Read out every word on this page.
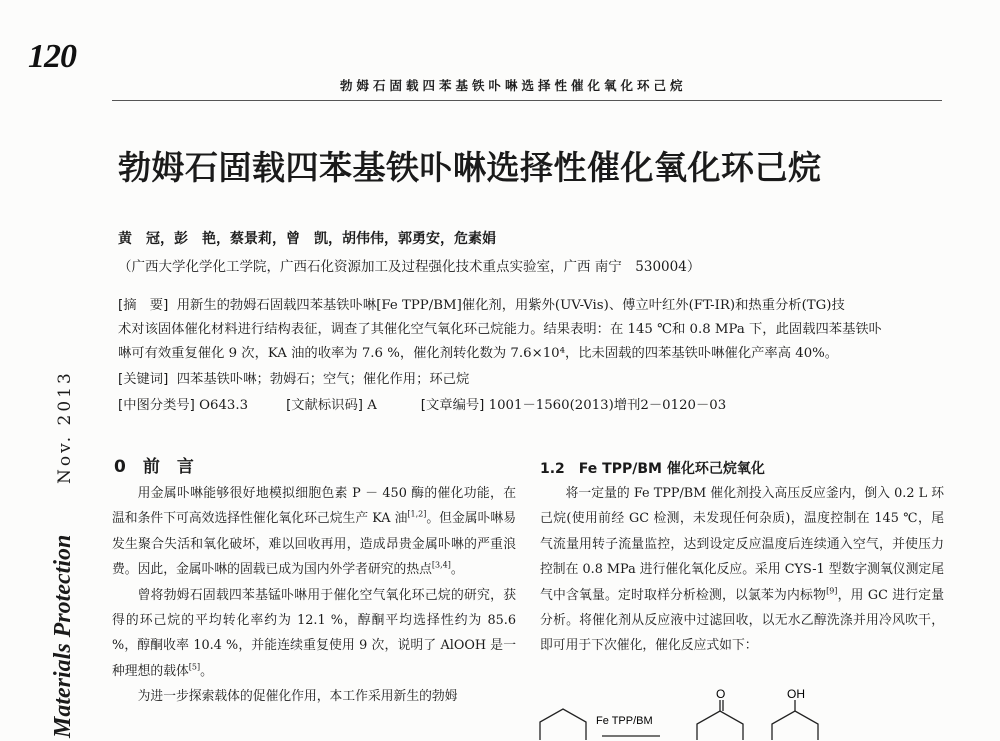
120
勃姆石固载四苯基铁卟啉选择性催化氧化环己烷
Nov. 2013
Materials Protection
勃姆石固载四苯基铁卟啉选择性催化氧化环己烷
黄　冠，彭　艳，蔡景莉，曾　凯，胡伟伟，郭勇安，危素娟
（广西大学化学化工学院，广西石化资源加工及过程强化技术重点实验室，广西 南宁　530004）
[摘　要] 用新生的勃姆石固载四苯基铁卟啉[Fe TPP/BM]催化剂，用紫外(UV-Vis)、傅立叶红外(FT-IR)和热重分析(TG)技
术对该固体催化材料进行结构表征，调查了其催化空气氧化环己烷能力。结果表明：在 145 ℃和 0.8 MPa 下，此固载四苯基铁卟
啉可有效重复催化 9 次，KA 油的收率为 7.6 %，催化剂转化数为 7.6×10⁴，比未固载的四苯基铁卟啉催化产率高 40%。
[关键词] 四苯基铁卟啉；勃姆石；空气；催化作用；环己烷
[中图分类号] O643.3	[文献标识码] A	[文章编号] 1001－1560(2013)增刊2－0120－03
0　前　言

用金属卟啉能够很好地模拟细胞色素 P － 450 酶的催化功能，在温和条件下可高效选择性催化氧化环己烷生产 KA 油[1,2]。但金属卟啉易发生聚合失活和氧化破坏，难以回收再用，造成昂贵金属卟啉的严重浪费。因此，金属卟啉的固载已成为国内外学者研究的热点[3,4]。

曾将勃姆石固载四苯基锰卟啉用于催化空气氧化环己烷的研究，获得的环己烷的平均转化率约为 12.1 %，醇酮平均选择性约为 85.6 %，醇酮收率 10.4 %，并能连续重复使用 9 次，说明了 AlOOH 是一种理想的载体[5]。

为进一步探索载体的促催化作用，本工作采用新生的勃姆

1.2　Fe TPP/BM 催化环己烷氧化

将一定量的 Fe TPP/BM 催化剂投入高压反应釜内，倒入 0.2 L 环己烷(使用前经 GC 检测，未发现任何杂质)，温度控制在 145 ℃，尾气流量用转子流量监控，达到设定反应温度后连续通入空气，并使压力控制在 0.8 MPa 进行催化氧化反应。采用 CYS-1 型数字测氧仪测定尾气中含氧量。定时取样分析检测，以氯苯为内标物[9]，用 GC 进行定量分析。将催化剂从反应液中过滤回收，以无水乙醇洗涤并用冷风吹干，即可用于下次催化，催化反应式如下：

Fe TPP/BM
O	OH
